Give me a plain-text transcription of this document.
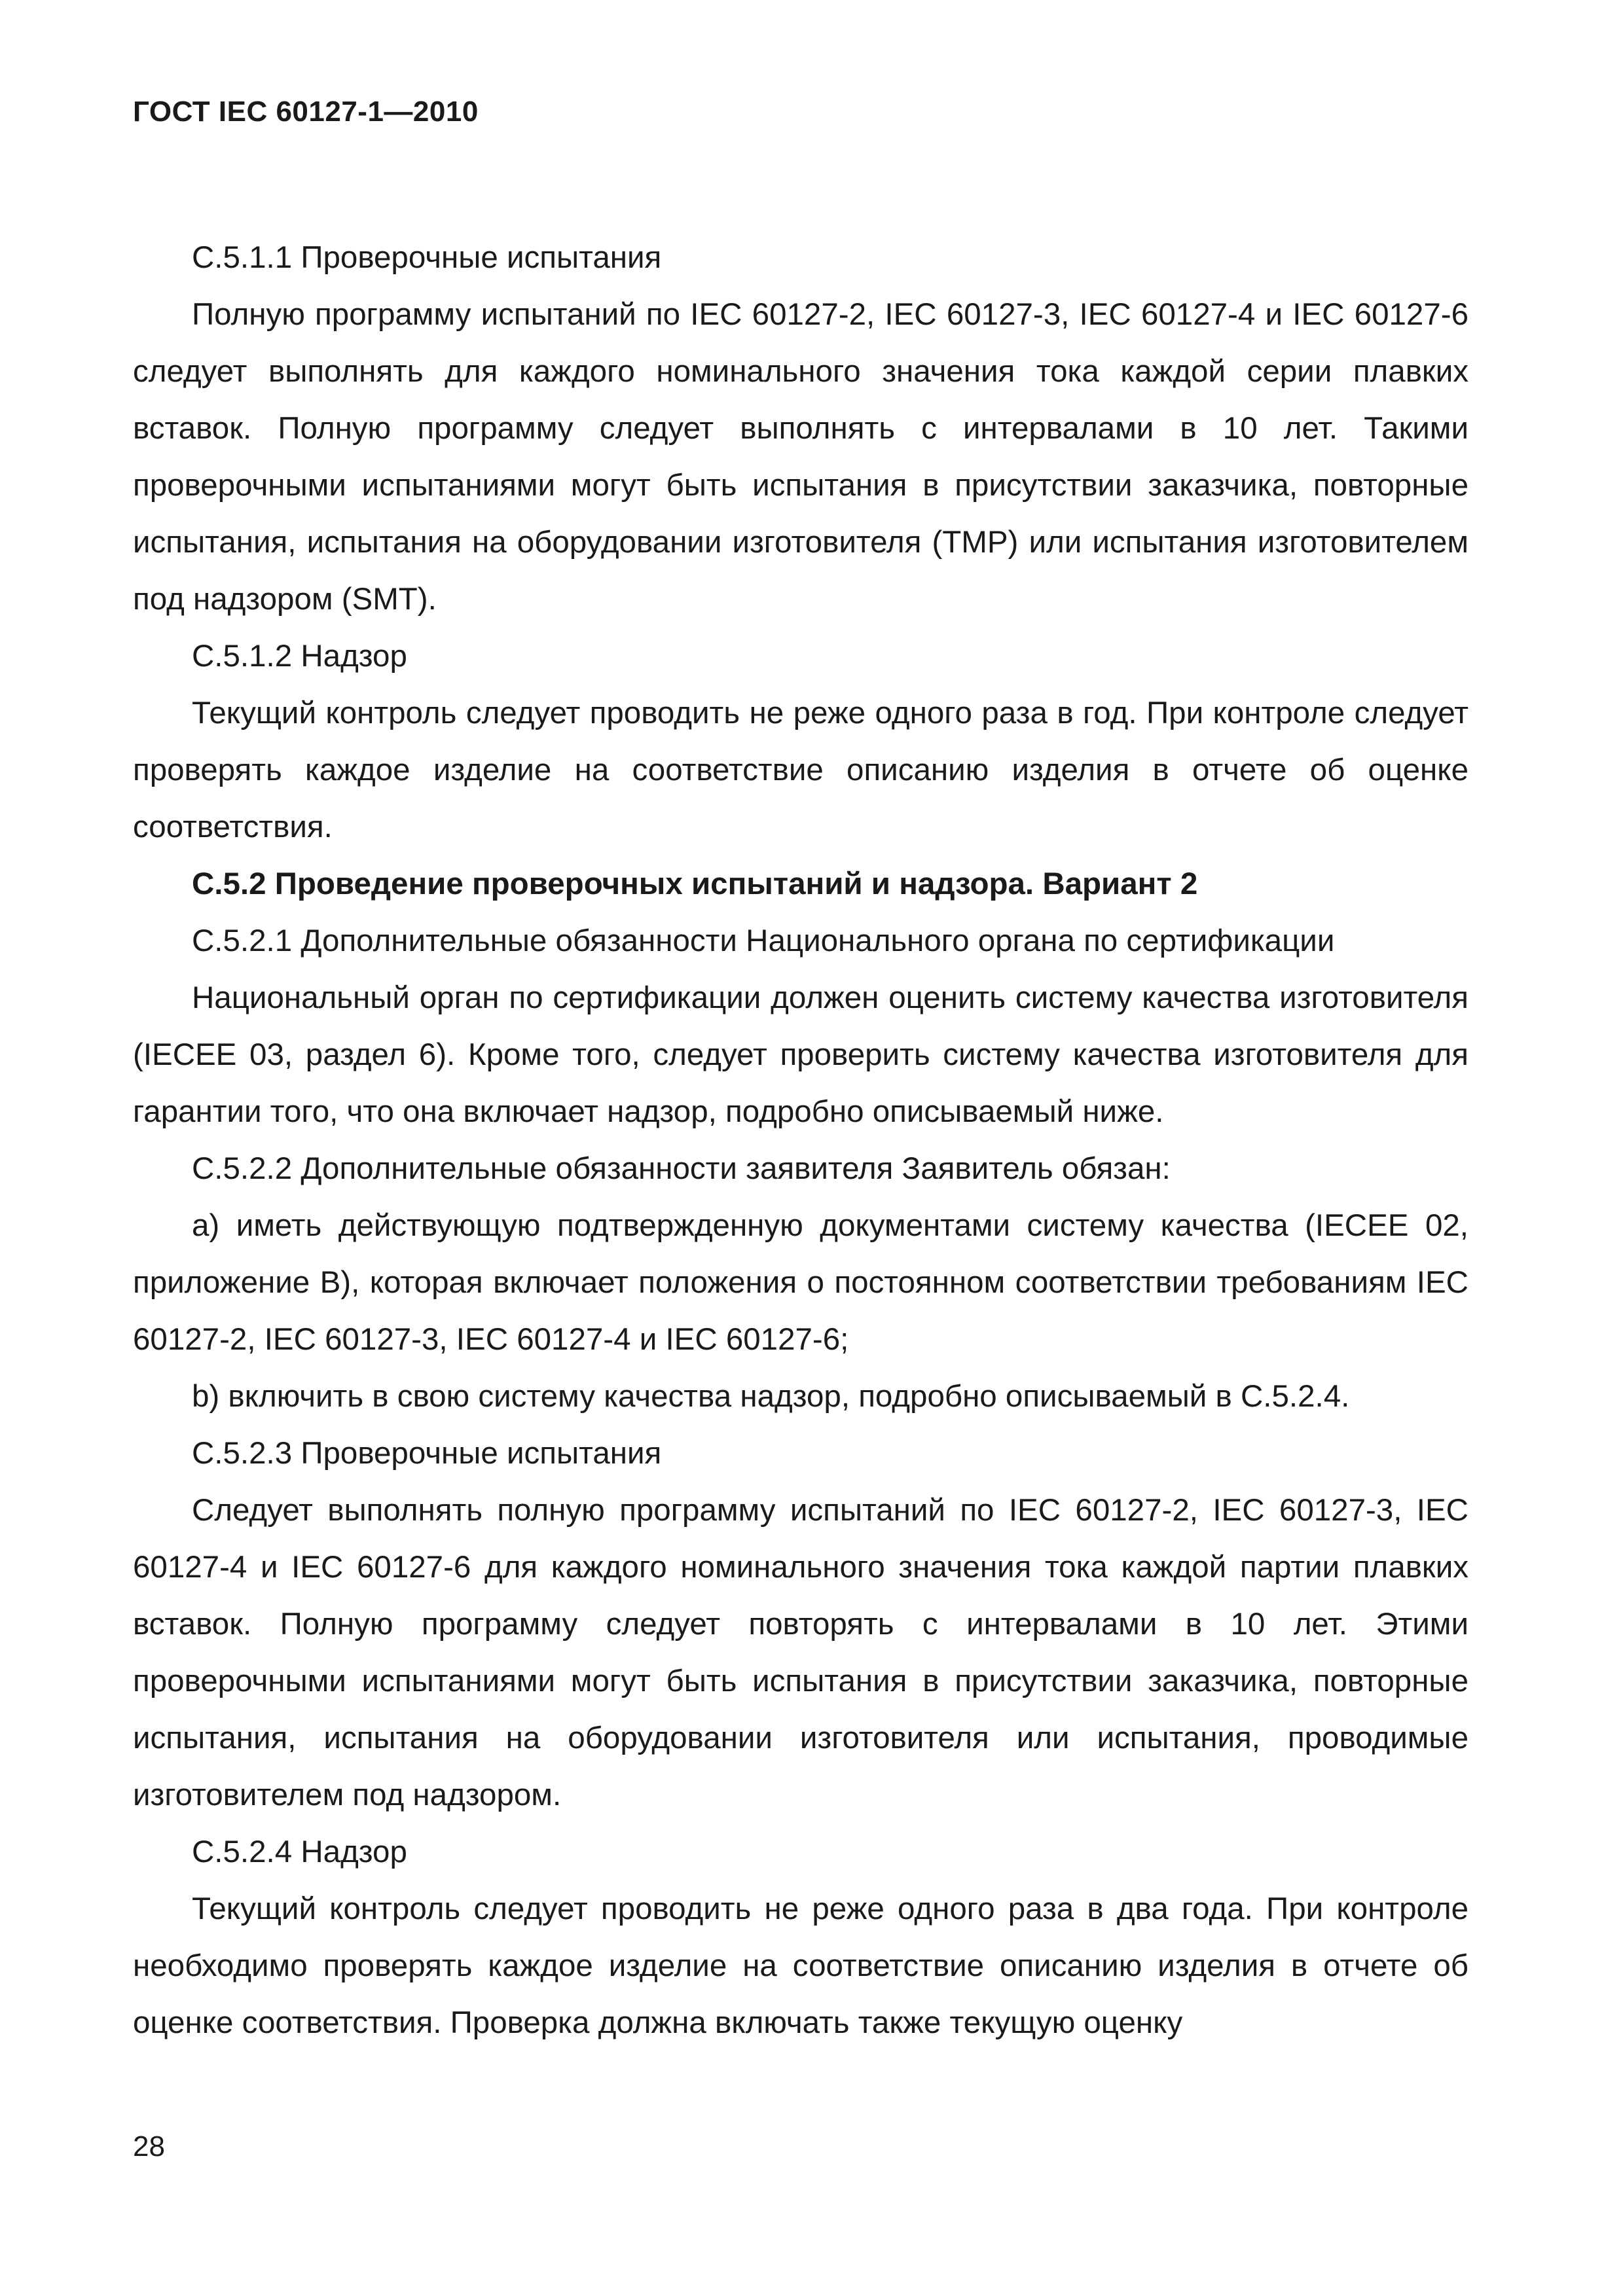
ГОСТ IEC 60127-1—2010

С.5.1.1 Проверочные испытания

Полную программу испытаний по IEC 60127-2, IEC 60127-3, IEC 60127-4 и IEC 60127-6 следует выполнять для каждого номинального значения тока каждой серии плавких вставок. Полную программу следует выполнять с интервалами в 10 лет. Такими проверочными испытаниями могут быть испытания в присутствии заказчика, повторные испытания, испытания на оборудовании изготовителя (TMP) или испытания изготовителем под надзором (SMT).

С.5.1.2 Надзор

Текущий контроль следует проводить не реже одного раза в год. При контроле следует проверять каждое изделие на соответствие описанию изделия в отчете об оценке соответствия.

С.5.2 Проведение проверочных испытаний и надзора. Вариант 2

С.5.2.1 Дополнительные обязанности Национального органа по сертификации

Национальный орган по сертификации должен оценить систему качества изготовителя (IECEE 03, раздел 6). Кроме того, следует проверить систему качества изготовителя для гарантии того, что она включает надзор, подробно описываемый ниже.

С.5.2.2 Дополнительные обязанности заявителя Заявитель обязан:

a) иметь действующую подтвержденную документами систему качества (IECEE 02, приложение В), которая включает положения о постоянном соответствии требованиям IEC 60127-2, IEC 60127-3, IEC 60127-4 и IEC 60127-6;

b) включить в свою систему качества надзор, подробно описываемый в С.5.2.4.

С.5.2.3 Проверочные испытания

Следует выполнять полную программу испытаний по IEC 60127-2, IEC 60127-3, IEC 60127-4 и IEC 60127-6 для каждого номинального значения тока каждой партии плавких вставок. Полную программу следует повторять с интервалами в 10 лет. Этими проверочными испытаниями могут быть испытания в присутствии заказчика, повторные испытания, испытания на оборудовании изготовителя или испытания, проводимые изготовителем под надзором.

С.5.2.4 Надзор

Текущий контроль следует проводить не реже одного раза в два года. При контроле необходимо проверять каждое изделие на соответствие описанию изделия в отчете об оценке соответствия. Проверка должна включать также текущую оценку

28
